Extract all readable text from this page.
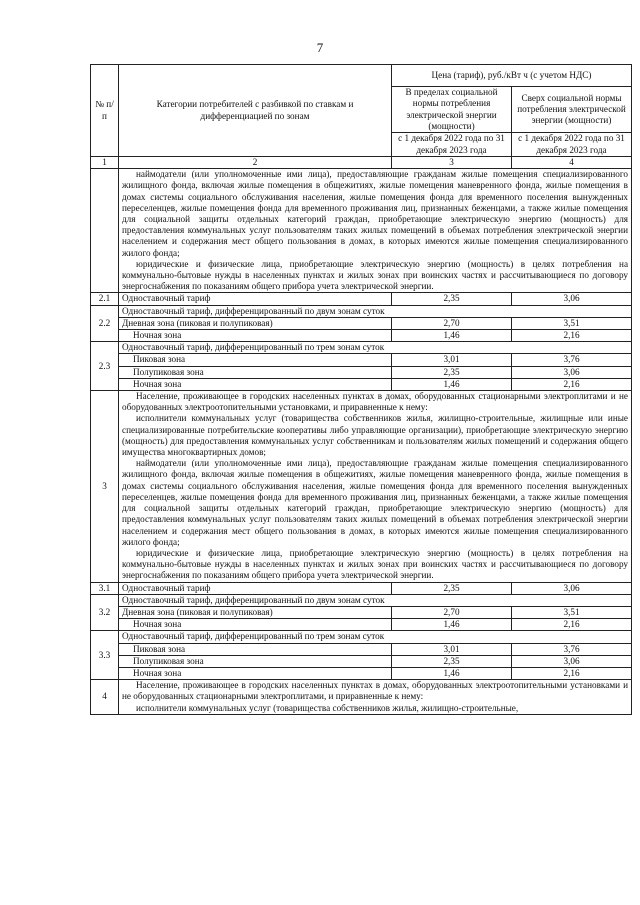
7
№ п/п	Категории потребителей с разбивкой по ставкам и дифференциацией по зонам	Цена (тариф), руб./кВт ч (с учетом НДС)	
		В пределах социальной нормы потребления электрической энергии (мощности)	Сверх социальной нормы потребления электрической энергии (мощности)
		с 1 декабря 2022 года по 31 декабря 2023 года	с 1 декабря 2022 года по 31 декабря 2023 года
1	2	3	4

	наймодатели (или уполномоченные ими лица), предоставляющие гражданам жилые помещения специализированного жилищного фонда, включая жилые помещения в общежитиях, жилые помещения маневренного фонда, жилые помещения в домах системы социального обслуживания населения, жилые помещения фонда для временного поселения вынужденных переселенцев, жилые помещения фонда для временного проживания лиц, признанных беженцами, а также жилые помещения для социальной защиты отдельных категорий граждан, приобретающие электрическую энергию (мощность) для предоставления коммунальных услуг пользователям таких жилых помещений в объемах потребления электрической энергии населением и содержания мест общего пользования в домах, в которых имеются жилые помещения специализированного жилого фонда;

юридические и физические лица, приобретающие электрическую энергию (мощность) в целях потребления на коммунально-бытовые нужды в населенных пунктах и жилых зонах при воинских частях и рассчитывающиеся по договору энергоснабжения по показаниям общего прибора учета электрической энергии.		

2.1	Одноставочный тариф	2,35	3,06
2.2	Одноставочный тариф, дифференцированный по двум зонам суток		
	Дневная зона (пиковая и полупиковая)	2,70	3,51
	Ночная зона	1,46	2,16
2.3	Одноставочный тариф, дифференцированный по трем зонам суток		
	Пиковая зона	3,01	3,76
	Полупиковая зона	2,35	3,06
	Ночная зона	1,46	2,16
3	Население, проживающее в городских населенных пунктах в домах, оборудованных стационарными электроплитами и не оборудованных электроотопительными установками, и приравненные к нему:

исполнители коммунальных услуг (товарищества собственников жилья, жилищно-строительные, жилищные или иные специализированные потребительские кооперативы либо управляющие организации), приобретающие электрическую энергию (мощность) для предоставления коммунальных услуг собственникам и пользователям жилых помещений и содержания общего имущества многоквартирных домов;

наймодатели (или уполномоченные ими лица), предоставляющие гражданам жилые помещения специализированного жилищного фонда, включая жилые помещения в общежитиях, жилые помещения маневренного фонда, жилые помещения в домах системы социального обслуживания населения, жилые помещения фонда для временного поселения вынужденных переселенцев, жилые помещения фонда для временного проживания лиц, признанных беженцами, а также жилые помещения для социальной защиты отдельных категорий граждан, приобретающие электрическую энергию (мощность) для предоставления коммунальных услуг пользователям таких жилых помещений в объемах потребления электрической энергии населением и содержания мест общего пользования в домах, в которых имеются жилые помещения специализированного жилого фонда;

юридические и физические лица, приобретающие электрическую энергию (мощность) в целях потребления на коммунально-бытовые нужды в населенных пунктах и жилых зонах при воинских частях и рассчитывающиеся по договору энергоснабжения по показаниям общего прибора учета электрической энергии.		

3.1	Одноставочный тариф	2,35	3,06
3.2	Одноставочный тариф, дифференцированный по двум зонам суток		
	Дневная зона (пиковая и полупиковая)	2,70	3,51
	Ночная зона	1,46	2,16
3.3	Одноставочный тариф, дифференцированный по трем зонам суток		
	Пиковая зона	3,01	3,76
	Полупиковая зона	2,35	3,06
	Ночная зона	1,46	2,16
4	Население, проживающее в городских населенных пунктах в домах, оборудованных электроотопительными установками и не оборудованных стационарными электроплитами, и приравненные к нему:

исполнители коммунальных услуг (товарищества собственников жилья, жилищно-строительные,		
